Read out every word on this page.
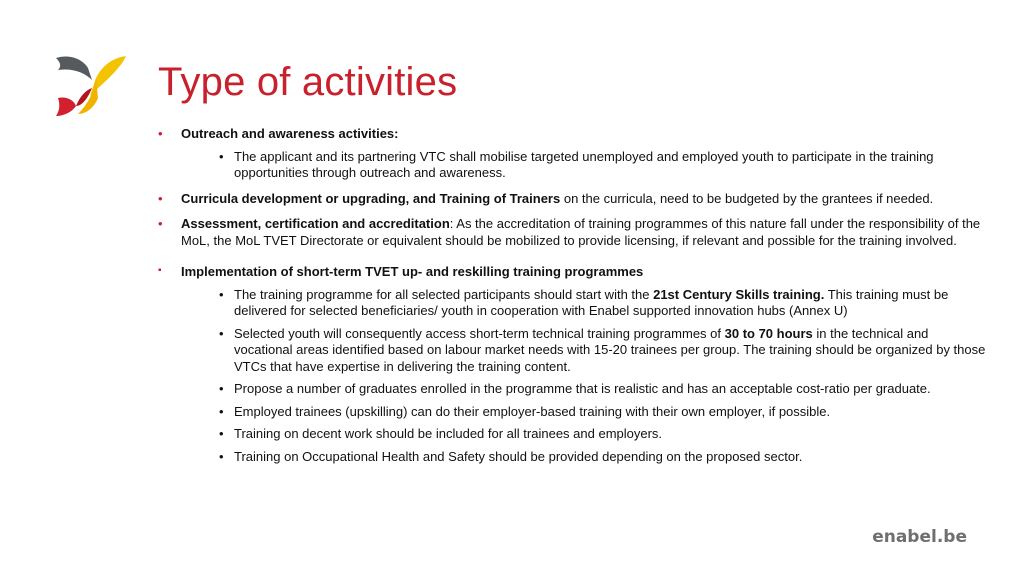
Type of activities
• Outreach and awareness activities:
• The applicant and its partnering VTC shall mobilise targeted unemployed and employed youth to participate in the training opportunities through outreach and awareness.
• Curricula development or upgrading, and Training of Trainers on the curricula, need to be budgeted by the grantees if needed.
• Assessment, certification and accreditation: As the accreditation of training programmes of this nature fall under the responsibility of the MoL, the MoL TVET Directorate or equivalent should be mobilized to provide licensing, if relevant and possible for the training involved.
▪ Implementation of short-term TVET up- and reskilling training programmes
• The training programme for all selected participants should start with the 21st Century Skills training. This training must be delivered for selected beneficiaries/ youth in cooperation with Enabel supported innovation hubs (Annex U)
• Selected youth will consequently access short-term technical training programmes of 30 to 70 hours in the technical and vocational areas identified based on labour market needs with 15-20 trainees per group. The training should be organized by those VTCs that have expertise in delivering the training content.
• Propose a number of graduates enrolled in the programme that is realistic and has an acceptable cost-ratio per graduate.
• Employed trainees (upskilling) can do their employer-based training with their own employer, if possible.
• Training on decent work should be included for all trainees and employers.
• Training on Occupational Health and Safety should be provided depending on the proposed sector.
enabel.be
